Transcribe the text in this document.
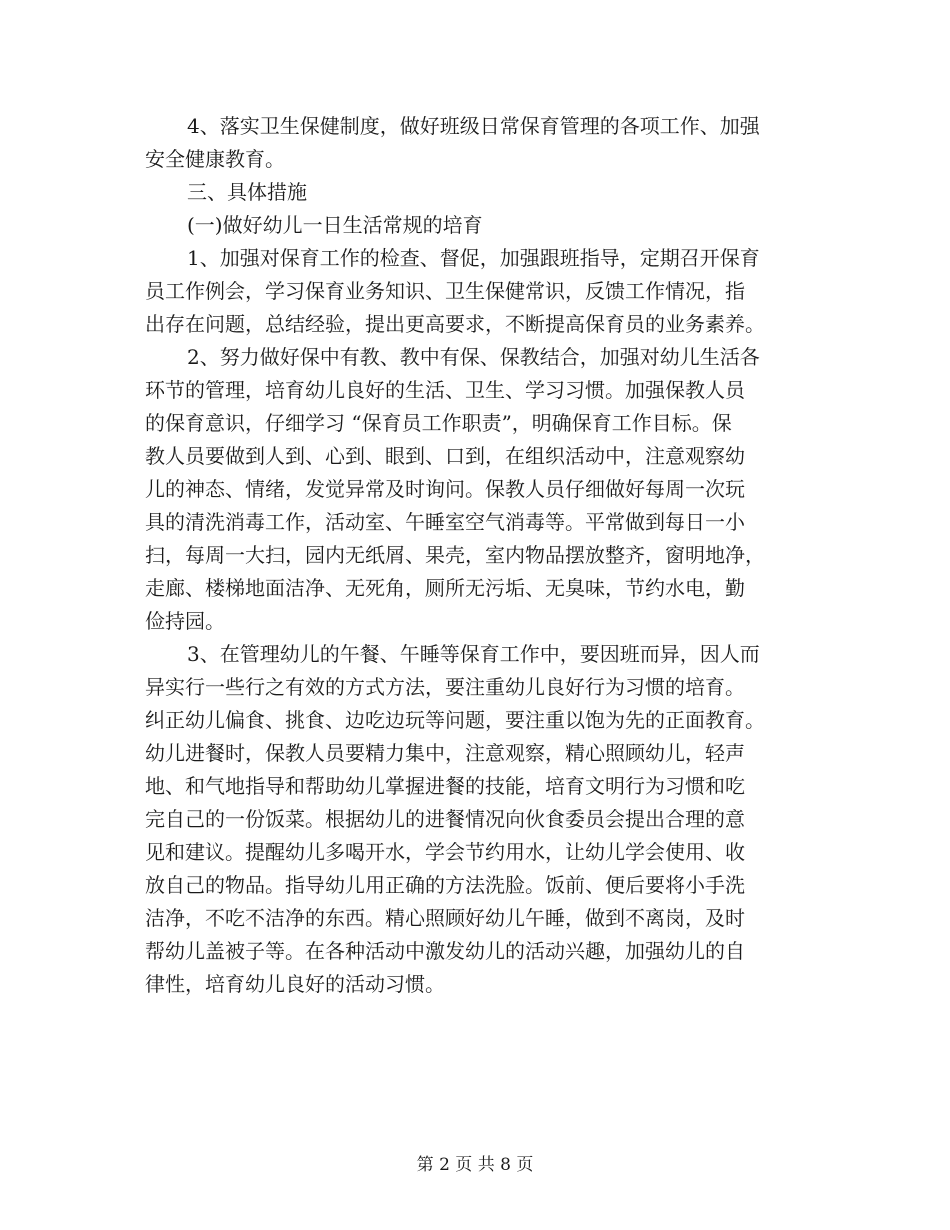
4、落实卫生保健制度，做好班级日常保育管理的各项工作、加强
安全健康教育。
三、具体措施
(一)做好幼儿一日生活常规的培育
1、加强对保育工作的检查、督促，加强跟班指导，定期召开保育
员工作例会，学习保育业务知识、卫生保健常识，反馈工作情况，指
出存在问题，总结经验，提出更高要求，不断提高保育员的业务素养。
2、努力做好保中有教、教中有保、保教结合，加强对幼儿生活各
环节的管理，培育幼儿良好的生活、卫生、学习习惯。加强保教人员
的保育意识，仔细学习 “保育员工作职责”，明确保育工作目标。保
教人员要做到人到、心到、眼到、口到，在组织活动中，注意观察幼
儿的神态、情绪，发觉异常及时询问。保教人员仔细做好每周一次玩
具的清洗消毒工作，活动室、午睡室空气消毒等。平常做到每日一小
扫，每周一大扫，园内无纸屑、果壳，室内物品摆放整齐，窗明地净，
走廊、楼梯地面洁净、无死角，厕所无污垢、无臭味，节约水电，勤
俭持园。
3、在管理幼儿的午餐、午睡等保育工作中，要因班而异，因人而
异实行一些行之有效的方式方法，要注重幼儿良好行为习惯的培育。
纠正幼儿偏食、挑食、边吃边玩等问题，要注重以饱为先的正面教育。
幼儿进餐时，保教人员要精力集中，注意观察，精心照顾幼儿，轻声
地、和气地指导和帮助幼儿掌握进餐的技能，培育文明行为习惯和吃
完自己的一份饭菜。根据幼儿的进餐情况向伙食委员会提出合理的意
见和建议。提醒幼儿多喝开水，学会节约用水，让幼儿学会使用、收
放自己的物品。指导幼儿用正确的方法洗脸。饭前、便后要将小手洗
洁净，不吃不洁净的东西。精心照顾好幼儿午睡，做到不离岗，及时
帮幼儿盖被子等。在各种活动中激发幼儿的活动兴趣，加强幼儿的自
律性，培育幼儿良好的活动习惯。
第 2 页 共 8 页
